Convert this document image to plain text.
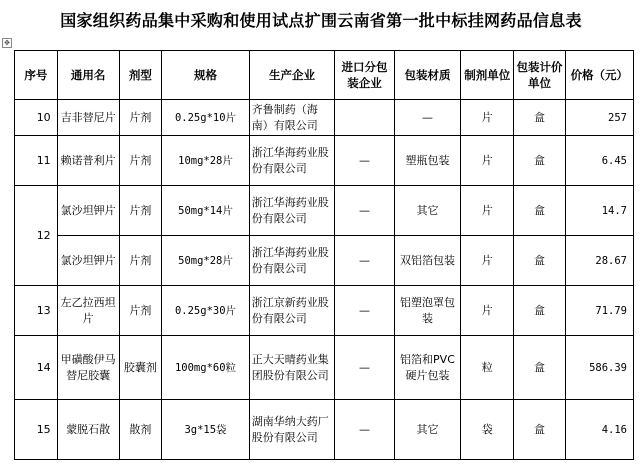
国家组织药品集中采购和使用试点扩围云南省第一批中标挂网药品信息表
✥
序号	通用名	剂型	规格	生产企业	进口分包装企业	包装材质	制剂单位	包装计价单位	价格（元）
10	吉非替尼片	片剂	0.25g*10片	齐鲁制药（海南）有限公司		—	片	盒	257
11	赖诺普利片	片剂	10mg*28片	浙江华海药业股份有限公司	—	塑瓶包装	片	盒	6.45
12	氯沙坦钾片	片剂	50mg*14片	浙江华海药业股份有限公司	—	其它	片	盒	14.7
	氯沙坦钾片	片剂	50mg*28片	浙江华海药业股份有限公司	—	双铝箔包装	片	盒	28.67
13	左乙拉西坦片	片剂	0.25g*30片	浙江京新药业股份有限公司	—	铝塑泡罩包装	片	盒	71.79
14	甲磺酸伊马替尼胶囊	胶囊剂	100mg*60粒	正大天晴药业集团股份有限公司	—	铝箔和PVC硬片包装	粒	盒	586.39
15	蒙脱石散	散剂	3g*15袋	湖南华纳大药厂股份有限公司	—	其它	袋	盒	4.16
